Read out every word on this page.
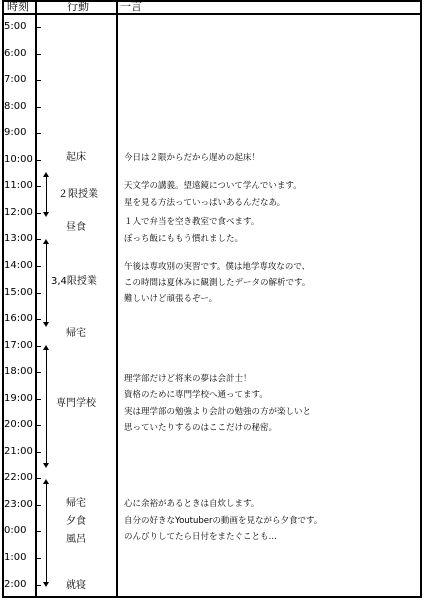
時刻	行動	一言
5:00
6:00
7:00
8:00
9:00
10:00
11:00
12:00
13:00
14:00
15:00
16:00
17:00
18:00
19:00
20:00
21:00
22:00
23:00
0:00
1:00
2:00
起床
２限授業
昼食
3,4限授業
帰宅
専門学校
帰宅
夕食
風呂
就寝
今日は２限からだから遅めの起床！
天文学の講義。望遠鏡について学んでいます。
星を見る方法っていっぱいあるんだなあ。
１人で弁当を空き教室で食べます。
ぼっち飯にももう慣れました。
午後は専攻別の実習です。僕は地学専攻なので、
この時間は夏休みに観測したデータの解析です。
難しいけど頑張るぞー。
理学部だけど将来の夢は会計士！
資格のために専門学校へ通ってます。
実は理学部の勉強より会計の勉強の方が楽しいと
思っていたりするのはここだけの秘密。
心に余裕があるときは自炊します。
自分の好きなYoutuberの動画を見ながら夕食です。
のんびりしてたら日付をまたぐことも…
